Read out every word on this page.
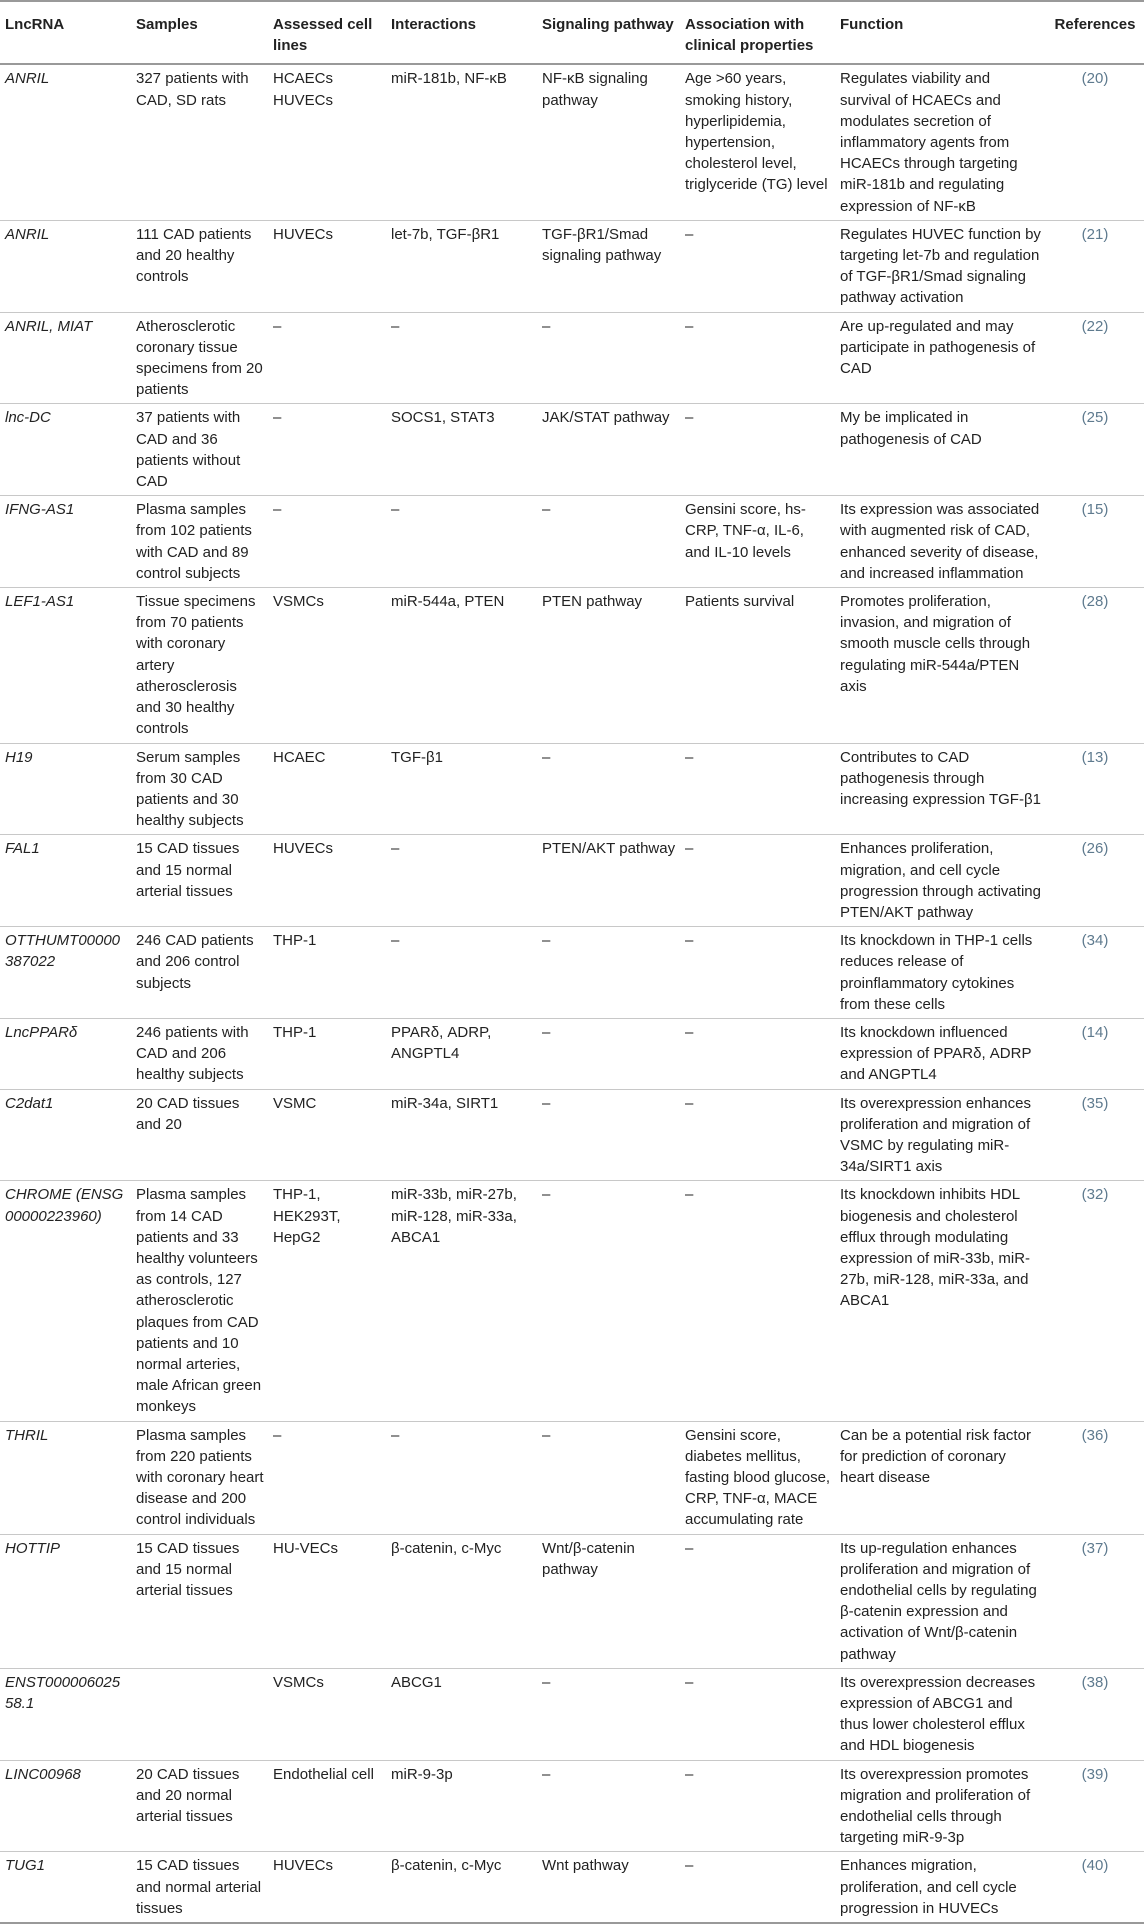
LncRNA	Samples	Assessed cell lines	Interactions	Signaling pathway	Association with clinical properties	Function	References
ANRIL	327 patients with CAD, SD rats	HCAECs HUVECs	miR-181b, NF-κB	NF-κB signaling pathway	Age >60 years, smoking history, hyperlipidemia, hypertension, cholesterol level, triglyceride (TG) level	Regulates viability and survival of HCAECs and modulates secretion of inflammatory agents from HCAECs through targeting miR-181b and regulating expression of NF-κB	(20)
ANRIL	111 CAD patients and 20 healthy controls	HUVECs	let-7b, TGF-βR1	TGF-βR1/Smad signaling pathway	–	Regulates HUVEC function by targeting let-7b and regulation of TGF-βR1/Smad signaling pathway activation	(21)
ANRIL, MIAT	Atherosclerotic coronary tissue specimens from 20 patients	–	–	–	–	Are up-regulated and may participate in pathogenesis of CAD	(22)
lnc-DC	37 patients with CAD and 36 patients without CAD	–	SOCS1, STAT3	JAK/STAT pathway	–	My be implicated in pathogenesis of CAD	(25)
IFNG-AS1	Plasma samples from 102 patients with CAD and 89 control subjects	–	–	–	Gensini score, hs-CRP, TNF-α, IL-6, and IL-10 levels	Its expression was associated with augmented risk of CAD, enhanced severity of disease, and increased inflammation	(15)
LEF1-AS1	Tissue specimens from 70 patients with coronary artery atherosclerosis and 30 healthy controls	VSMCs	miR-544a, PTEN	PTEN pathway	Patients survival	Promotes proliferation, invasion, and migration of smooth muscle cells through regulating miR-544a/PTEN axis	(28)
H19	Serum samples from 30 CAD patients and 30 healthy subjects	HCAEC	TGF-β1	–	–	Contributes to CAD pathogenesis through increasing expression TGF-β1	(13)
FAL1	15 CAD tissues and 15 normal arterial tissues	HUVECs	–	PTEN/AKT pathway	–	Enhances proliferation, migration, and cell cycle progression through activating PTEN/AKT pathway	(26)
OTTHUMT00000387022	246 CAD patients and 206 control subjects	THP-1	–	–	–	Its knockdown in THP-1 cells reduces release of proinflammatory cytokines from these cells	(34)
LncPPARδ	246 patients with CAD and 206 healthy subjects	THP-1	PPARδ, ADRP, ANGPTL4	–	–	Its knockdown influenced expression of PPARδ, ADRP and ANGPTL4	(14)
C2dat1	20 CAD tissues and 20	VSMC	miR-34a, SIRT1	–	–	Its overexpression enhances proliferation and migration of VSMC by regulating miR-34a/SIRT1 axis	(35)
CHROME (ENSG00000223960)	Plasma samples from 14 CAD patients and 33 healthy volunteers as controls, 127 atherosclerotic plaques from CAD patients and 10 normal arteries, male African green monkeys	THP-1, HEK293T, HepG2	miR-33b, miR-27b, miR-128, miR-33a, ABCA1	–	–	Its knockdown inhibits HDL biogenesis and cholesterol efflux through modulating expression of miR-33b, miR-27b, miR-128, miR-33a, and ABCA1	(32)
THRIL	Plasma samples from 220 patients with coronary heart disease and 200 control individuals	–	–	–	Gensini score, diabetes mellitus, fasting blood glucose, CRP, TNF-α, MACE accumulating rate	Can be a potential risk factor for prediction of coronary heart disease	(36)
HOTTIP	15 CAD tissues and 15 normal arterial tissues	HU-VECs	β-catenin, c-Myc	Wnt/β-catenin pathway	–	Its up-regulation enhances proliferation and migration of endothelial cells by regulating β-catenin expression and activation of Wnt/β-catenin pathway	(37)
ENST00000602558.1		VSMCs	ABCG1	–	–	Its overexpression decreases expression of ABCG1 and thus lower cholesterol efflux and HDL biogenesis	(38)
LINC00968	20 CAD tissues and 20 normal arterial tissues	Endothelial cell	miR-9-3p	–	–	Its overexpression promotes migration and proliferation of endothelial cells through targeting miR-9-3p	(39)
TUG1	15 CAD tissues and normal arterial tissues	HUVECs	β-catenin, c-Myc	Wnt pathway	–	Enhances migration, proliferation, and cell cycle progression in HUVECs	(40)
